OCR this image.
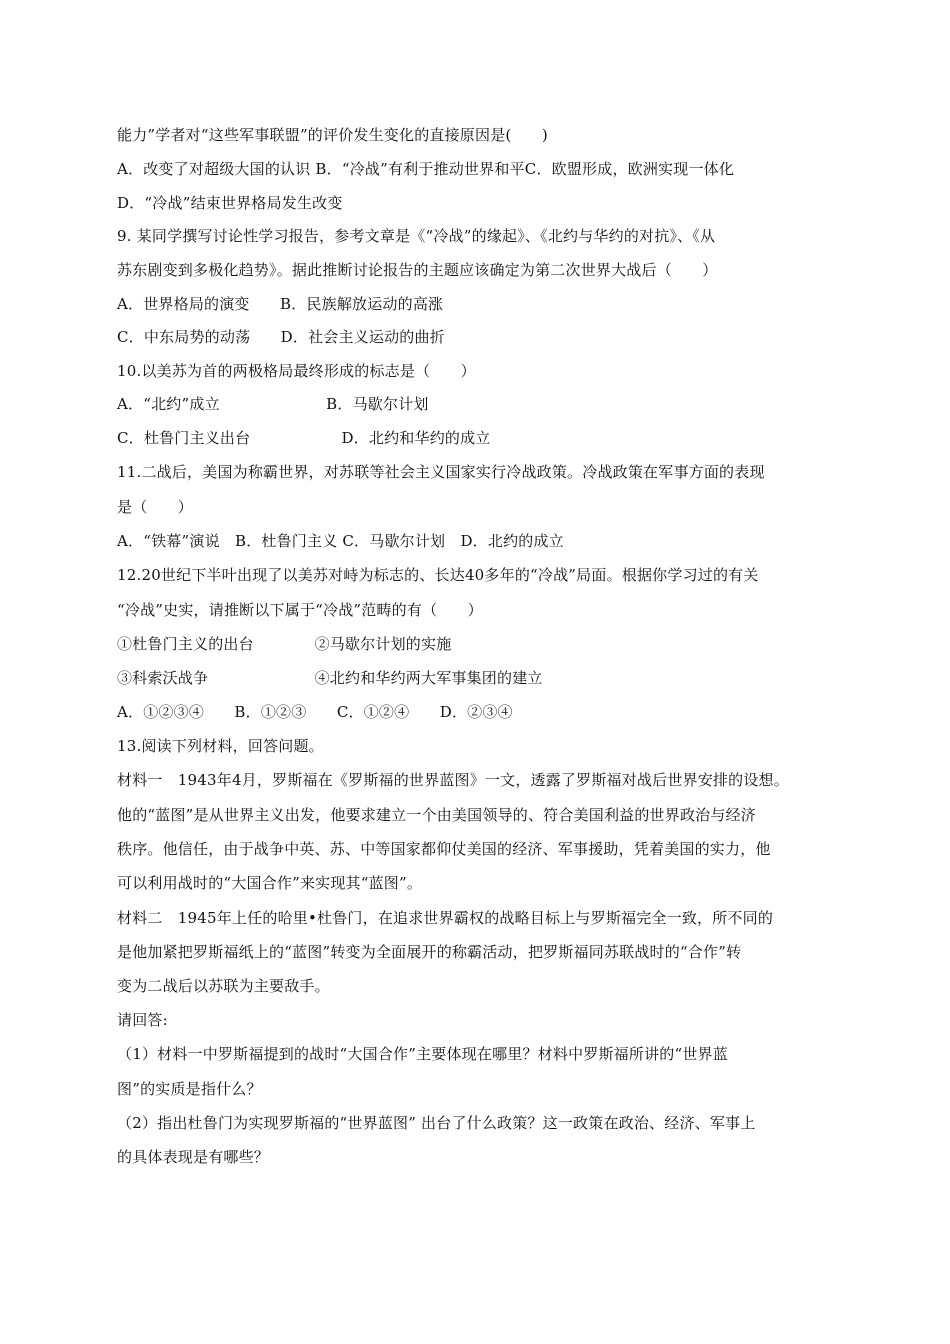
能力”学者对“这些军事联盟”的评价发生变化的直接原因是(　　)
A．改变了对超级大国的认识 B．“冷战”有利于推动世界和平C．欧盟形成，欧洲实现一体化
D．“冷战”结束世界格局发生改变
9. 某同学撰写讨论性学习报告，参考文章是《“冷战”的缘起》、《北约与华约的对抗》、《从
苏东剧变到多极化趋势》。据此推断讨论报告的主题应该确定为第二次世界大战后（　　）
A．世界格局的演变　　B．民族解放运动的高涨
C．中东局势的动荡　　D．社会主义运动的曲折
10.以美苏为首的两极格局最终形成的标志是（　　）
A．“北约”成立　　　　　　　B．马歇尔计划
C．杜鲁门主义出台　　　　　　D．北约和华约的成立
11.二战后，美国为称霸世界，对苏联等社会主义国家实行冷战政策。冷战政策在军事方面的表现
是（　　）
A．“铁幕”演说　B．杜鲁门主义 C．马歇尔计划　D．北约的成立
12.20世纪下半叶出现了以美苏对峙为标志的、长达40多年的“冷战”局面。根据你学习过的有关
“冷战”史实，请推断以下属于“冷战”范畴的有（　　）
①杜鲁门主义的出台　　　　②马歇尔计划的实施
③科索沃战争　　　　　　　④北约和华约两大军事集团的建立
A．①②③④　　B．①②③　　C．①②④　　D．②③④
13.阅读下列材料，回答问题。
材料一　1943年4月，罗斯福在《罗斯福的世界蓝图》一文，透露了罗斯福对战后世界安排的设想。
他的“蓝图”是从世界主义出发，他要求建立一个由美国领导的、符合美国利益的世界政治与经济
秩序。他信任，由于战争中英、苏、中等国家都仰仗美国的经济、军事援助，凭着美国的实力，他
可以利用战时的“大国合作”来实现其“蓝图”。
材料二　1945年上任的哈里•杜鲁门，在追求世界霸权的战略目标上与罗斯福完全一致，所不同的
是他加紧把罗斯福纸上的“蓝图”转变为全面展开的称霸活动，把罗斯福同苏联战时的“合作”转
变为二战后以苏联为主要敌手。
请回答:
（1）材料一中罗斯福提到的战时“大国合作”主要体现在哪里？材料中罗斯福所讲的“世界蓝
图”的实质是指什么？
（2）指出杜鲁门为实现罗斯福的“世界蓝图” 出台了什么政策？这一政策在政治、经济、军事上
的具体表现是有哪些？
